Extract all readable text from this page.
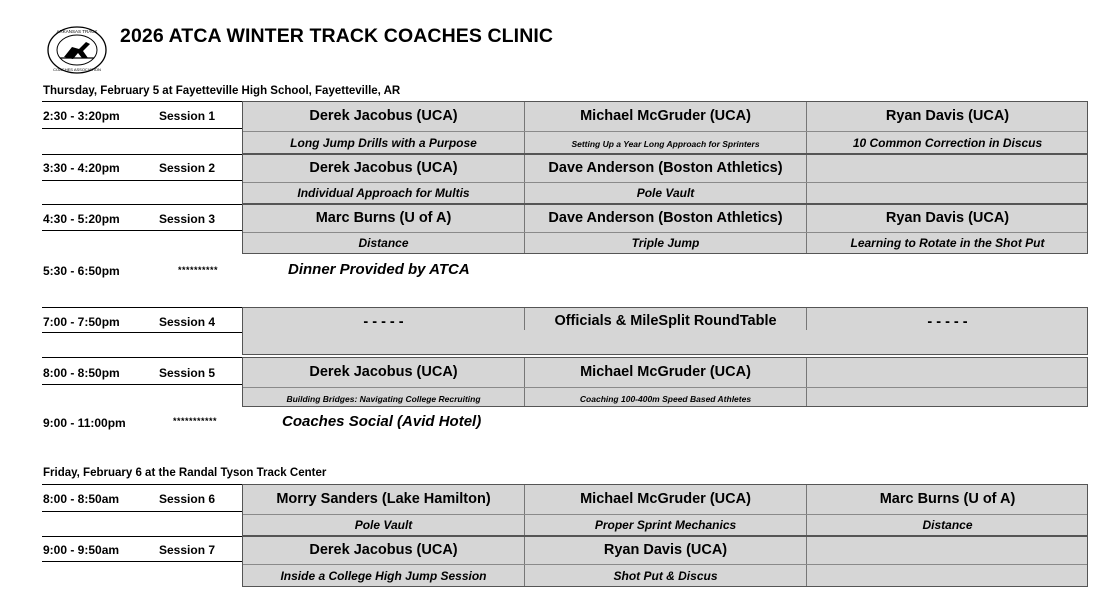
ARKANSAS TRACK
COACHES ASSOCIATION
2026 ATCA WINTER TRACK COACHES CLINIC
Thursday, February 5 at Fayetteville High School, Fayetteville, AR
2:30 - 3:20pm	Session 1	Derek Jacobus (UCA)	Michael McGruder (UCA)	Ryan Davis (UCA)
Long Jump Drills with a Purpose	Setting Up a Year Long Approach for Sprinters	10 Common Correction in Discus
3:30 - 4:20pm	Session 2	Derek Jacobus (UCA)	Dave Anderson (Boston Athletics)
Individual Approach for Multis	Pole Vault
4:30 - 5:20pm	Session 3	Marc Burns (U of A)	Dave Anderson (Boston Athletics)	Ryan Davis (UCA)
Distance	Triple Jump	Learning to Rotate in the Shot Put
5:30 - 6:50pm	**********	Dinner Provided by ATCA
7:00 - 7:50pm	Session 4	- - - - -	Officials & MileSplit RoundTable	- - - - -
8:00 - 8:50pm	Session 5	Derek Jacobus (UCA)	Michael McGruder (UCA)
Building Bridges: Navigating College Recruiting	Coaching 100-400m Speed Based Athletes
9:00 - 11:00pm	***********	Coaches Social (Avid Hotel)
Friday, February 6 at the Randal Tyson Track Center
8:00 - 8:50am	Session 6	Morry Sanders (Lake Hamilton)	Michael McGruder (UCA)	Marc Burns (U of A)
Pole Vault	Proper Sprint Mechanics	Distance
9:00 - 9:50am	Session 7	Derek Jacobus (UCA)	Ryan Davis (UCA)
Inside a College High Jump Session	Shot Put & Discus
